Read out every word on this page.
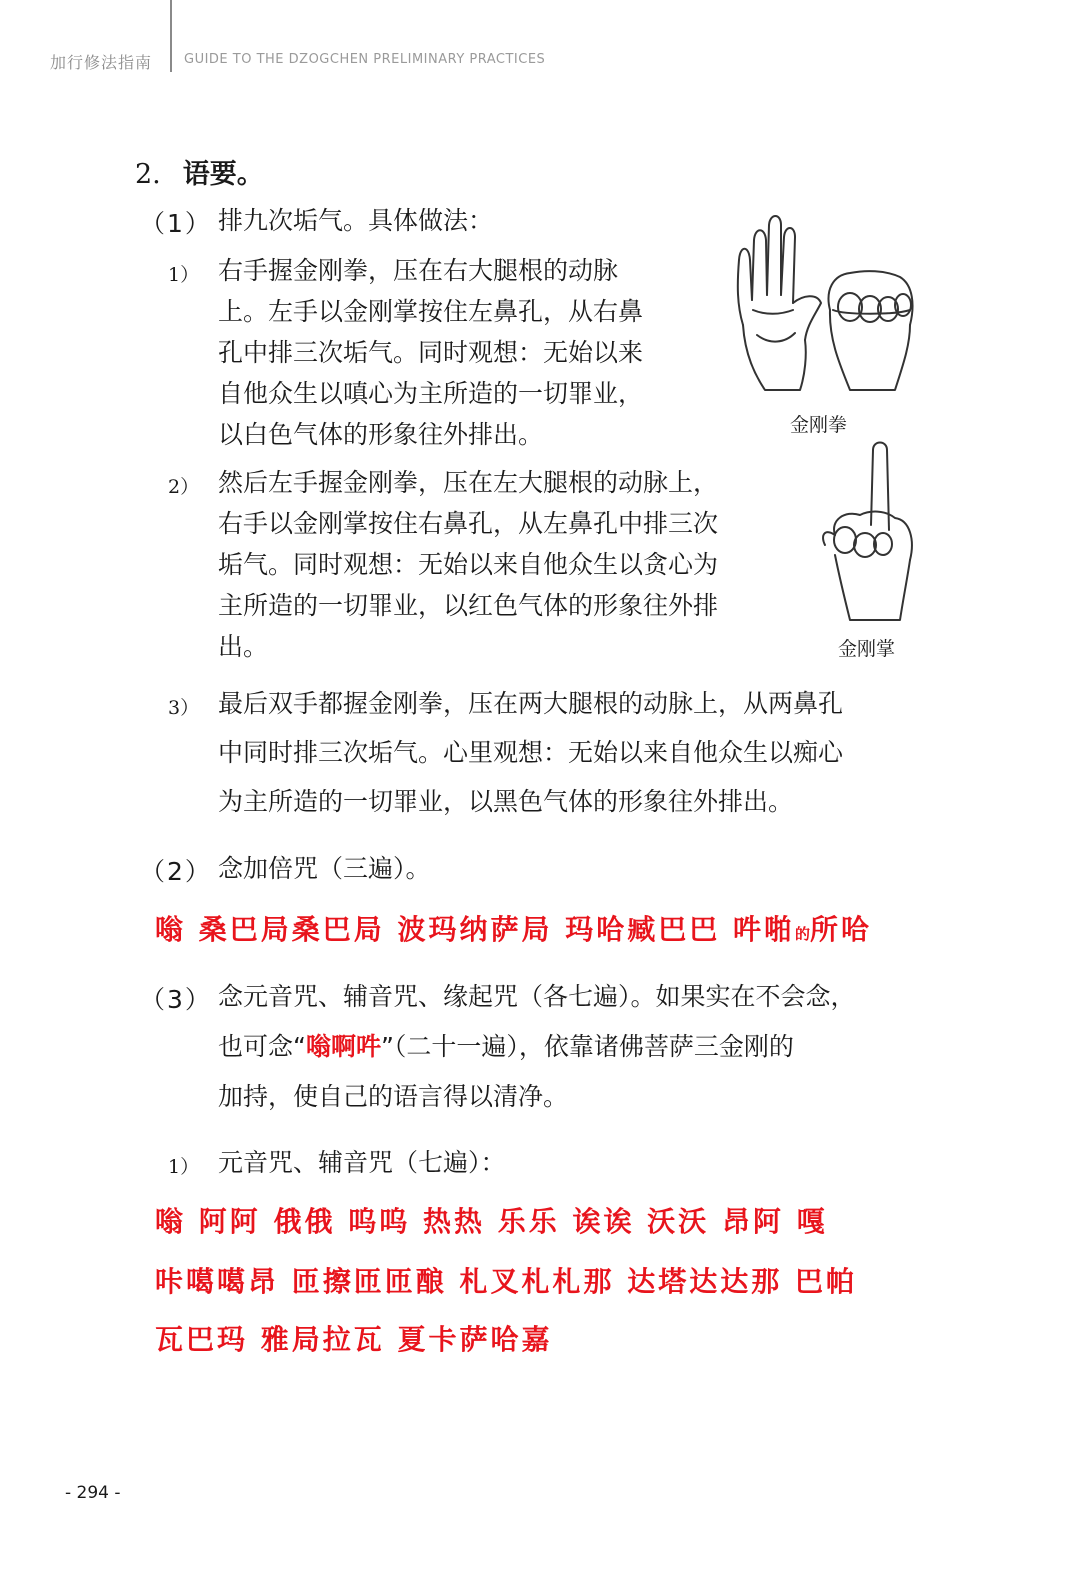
加行修法指南 GUIDE TO THE DZOGCHEN PRELIMINARY PRACTICES
2. 语要。
（1） 排九次垢气。具体做法：
1） 右手握金刚拳，压在右大腿根的动脉
上。左手以金刚掌按住左鼻孔，从右鼻
孔中排三次垢气。同时观想：无始以来
自他众生以嗔心为主所造的一切罪业，
以白色气体的形象往外排出。
2） 然后左手握金刚拳，压在左大腿根的动脉上，
右手以金刚掌按住右鼻孔，从左鼻孔中排三次
垢气。同时观想：无始以来自他众生以贪心为
主所造的一切罪业，以红色气体的形象往外排
出。
3） 最后双手都握金刚拳，压在两大腿根的动脉上，从两鼻孔
中同时排三次垢气。心里观想：无始以来自他众生以痴心
为主所造的一切罪业，以黑色气体的形象往外排出。
金刚拳
金刚掌
（2） 念加倍咒（三遍）。
嗡 桑巴局桑巴局 波玛纳萨局 玛哈臧巴巴 吽啪的所哈
（3） 念元音咒、辅音咒、缘起咒（各七遍）。如果实在不会念，
也可念“嗡啊吽”（二十一遍），依靠诸佛菩萨三金刚的
加持，使自己的语言得以清净。
1） 元音咒、辅音咒（七遍）：
嗡 阿阿 俄俄 呜呜 热热 乐乐 诶诶 沃沃 昂阿 嘎
咔噶噶昂 匝擦匝匝酿 札叉札札那 达塔达达那 巴帕
瓦巴玛 雅局拉瓦 夏卡萨哈嘉
- 294 -
